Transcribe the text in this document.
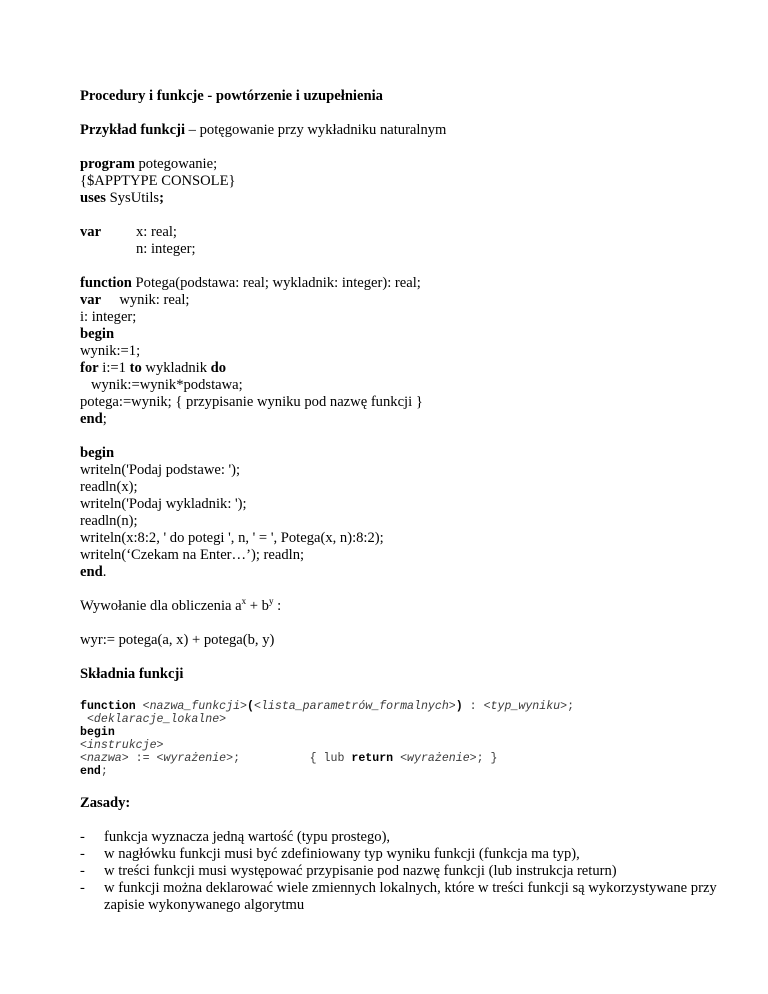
Procedury i funkcje - powtórzenie i uzupełnienia

Przykład funkcji – potęgowanie przy wykładniku naturalnym

program potegowanie;

{$APPTYPE CONSOLE}

uses SysUtils;

var	x: real;

n: integer;

function Potega(podstawa: real; wykladnik: integer): real;

var     wynik: real;

i: integer;

begin

wynik:=1;

for i:=1 to wykladnik do

wynik:=wynik*podstawa;

potega:=wynik; { przypisanie wyniku pod nazwę funkcji }

end;

begin

writeln('Podaj podstawe: ');

readln(x);

writeln('Podaj wykladnik: ');

readln(n);

writeln(x:8:2, ' do potegi ', n, ' = ', Potega(x, n):8:2);

writeln(‘Czekam na Enter…’); readln;

end.

Wywołanie dla obliczenia $a^x + b^y$ :

wyr:= potega(a, x) + potega(b, y)

Składnia funkcji

function <nazwa_funkcji>(<lista_parametrów_formalnych>) : <typ_wyniku>;

<deklaracje_lokalne>

begin

<instrukcje>

<nazwa> := <wyrażenie>;	{ lub return <wyrażenie>; }

end;

Zasady:

-	funkcja wyznacza jedną wartość (typu prostego),
-	w nagłówku funkcji musi być zdefiniowany typ wyniku funkcji (funkcja ma typ),
-	w treści funkcji musi występować przypisanie pod nazwę funkcji (lub instrukcja return)
-	w funkcji można deklarować wiele zmiennych lokalnych, które w treści funkcji są wykorzystywane przy zapisie wykonywanego algorytmu
